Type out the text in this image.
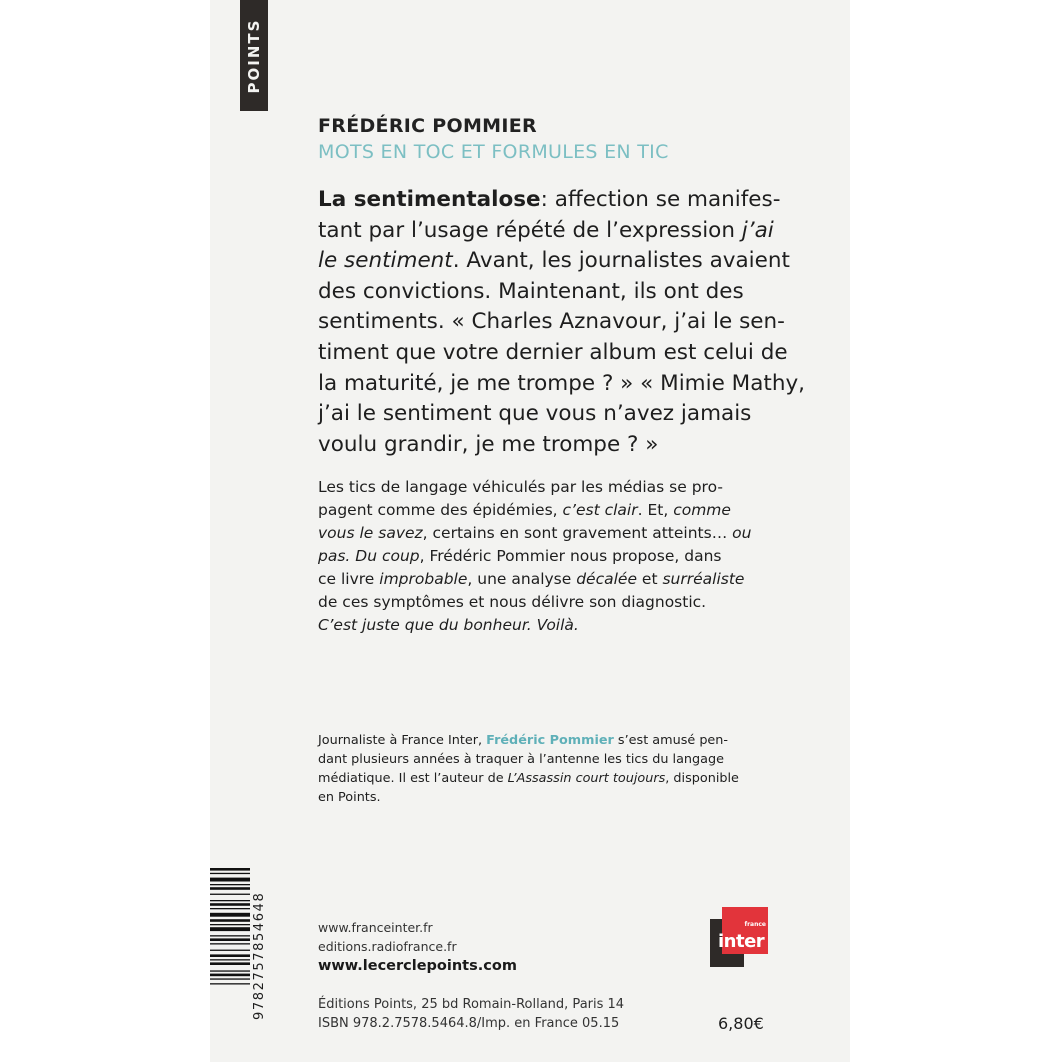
POINTS
FRÉDÉRIC POMMIER
MOTS EN TOC ET FORMULES EN TIC
La sentimentalose: affection se manifes-
tant par l’usage répété de l’expression j’ai
le sentiment. Avant, les journalistes avaient
des convictions. Maintenant, ils ont des
sentiments. « Charles Aznavour, j’ai le sen-
timent que votre dernier album est celui de
la maturité, je me trompe ? » « Mimie Mathy,
j’ai le sentiment que vous n’avez jamais
voulu grandir, je me trompe ? »
Les tics de langage véhiculés par les médias se pro-
pagent comme des épidémies, c’est clair. Et, comme
vous le savez, certains en sont gravement atteints… ou
pas. Du coup, Frédéric Pommier nous propose, dans
ce livre improbable, une analyse décalée et surréaliste
de ces symptômes et nous délivre son diagnostic.
C’est juste que du bonheur. Voilà.
Journaliste à France Inter, Frédéric Pommier s’est amusé pen-
dant plusieurs années à traquer à l’antenne les tics du langage
médiatique. Il est l’auteur de L’Assassin court toujours, disponible
en Points.
www.franceinter.fr
editions.radiofrance.fr
www.lecerclepoints.com
Éditions Points, 25 bd Romain-Rolland, Paris 14
ISBN 978.2.7578.5464.8/Imp. en France 05.15	6,80€
9782757854648	france
inter
